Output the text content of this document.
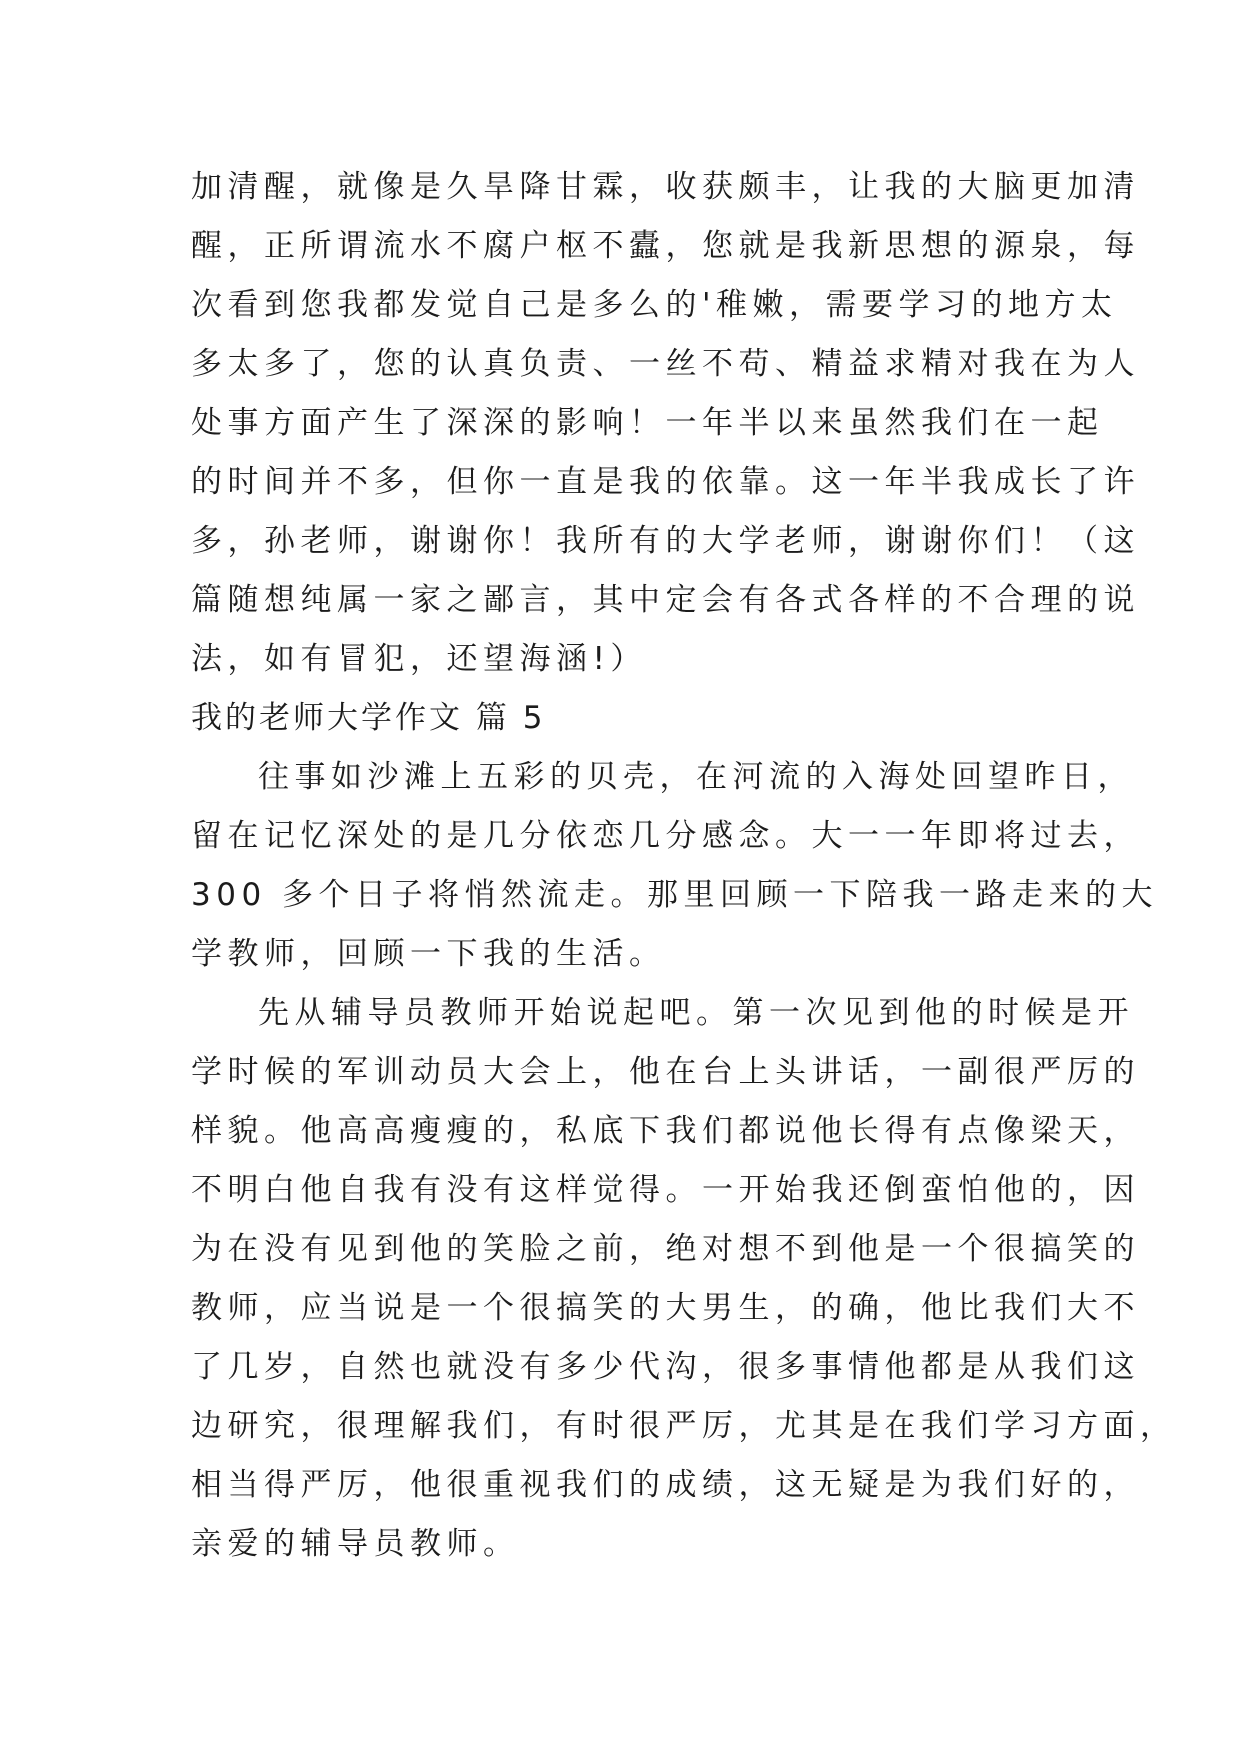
加清醒，就像是久旱降甘霖，收获颇丰，让我的大脑更加清
醒，正所谓流水不腐户枢不蠹，您就是我新思想的源泉，每
次看到您我都发觉自己是多么的'稚嫩，需要学习的地方太
多太多了，您的认真负责、一丝不苟、精益求精对我在为人
处事方面产生了深深的影响！一年半以来虽然我们在一起
的时间并不多，但你一直是我的依靠。这一年半我成长了许
多，孙老师，谢谢你！我所有的大学老师，谢谢你们！（这
篇随想纯属一家之鄙言，其中定会有各式各样的不合理的说
法，如有冒犯，还望海涵!）
我的老师大学作文 篇 5
往事如沙滩上五彩的贝壳，在河流的入海处回望昨日，
留在记忆深处的是几分依恋几分感念。大一一年即将过去，
300 多个日子将悄然流走。那里回顾一下陪我一路走来的大
学教师，回顾一下我的生活。
先从辅导员教师开始说起吧。第一次见到他的时候是开
学时候的军训动员大会上，他在台上头讲话，一副很严厉的
样貌。他高高瘦瘦的，私底下我们都说他长得有点像梁天，
不明白他自我有没有这样觉得。一开始我还倒蛮怕他的，因
为在没有见到他的笑脸之前，绝对想不到他是一个很搞笑的
教师，应当说是一个很搞笑的大男生，的确，他比我们大不
了几岁，自然也就没有多少代沟，很多事情他都是从我们这
边研究，很理解我们，有时很严厉，尤其是在我们学习方面，
相当得严厉，他很重视我们的成绩，这无疑是为我们好的，
亲爱的辅导员教师。
